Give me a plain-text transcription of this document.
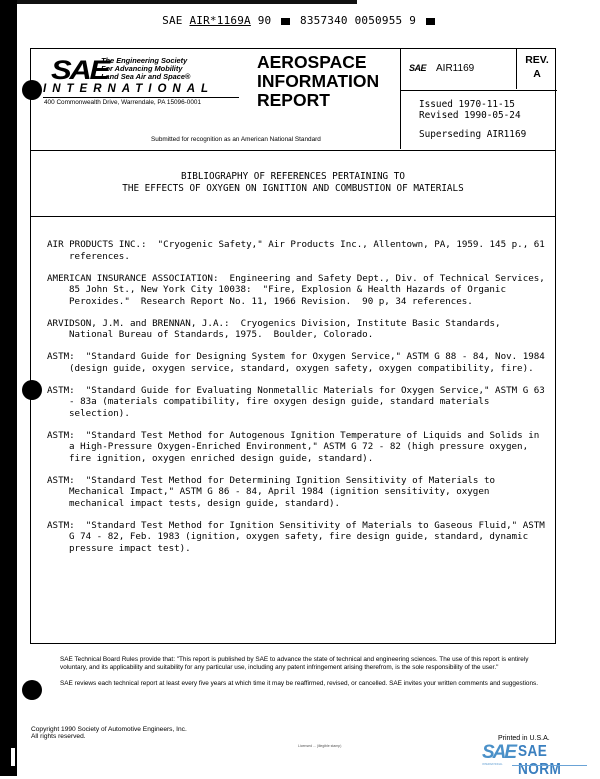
SAE AIR*1169A 90	8357340 0050955 9
SAE
The Engineering Society
For Advancing Mobility
Land Sea Air and Space®
INTERNATIONAL
400 Commonwealth Drive, Warrendale, PA 15096-0001
Submitted for recognition as an American National Standard
AEROSPACE
INFORMATION
REPORT
SAE AIR1169
REV.
A
Issued 1970-11-15
Revised 1990-05-24
Superseding AIR1169
BIBLIOGRAPHY OF REFERENCES PERTAINING TO
THE EFFECTS OF OXYGEN ON IGNITION AND COMBUSTION OF MATERIALS
AIR PRODUCTS INC.:  "Cryogenic Safety," Air Products Inc., Allentown, PA, 1959. 145 p., 61 references.
AMERICAN INSURANCE ASSOCIATION:  Engineering and Safety Dept., Div. of Technical Services, 85 John St., New York City 10038:  "Fire, Explosion & Health Hazards of Organic Peroxides."  Research Report No. 11, 1966 Revision.  90 p, 34 references.
ARVIDSON, J.M. and BRENNAN, J.A.:  Cryogenics Division, Institute Basic Standards, National Bureau of Standards, 1975.  Boulder, Colorado.
ASTM:  "Standard Guide for Designing System for Oxygen Service," ASTM G 88 - 84, Nov. 1984 (design guide, oxygen service, standard, oxygen safety, oxygen compatibility, fire).
ASTM:  "Standard Guide for Evaluating Nonmetallic Materials for Oxygen Service," ASTM G 63 - 83a (materials compatibility, fire oxygen design guide, standard materials selection).
ASTM:  "Standard Test Method for Autogenous Ignition Temperature of Liquids and Solids in a High-Pressure Oxygen-Enriched Environment," ASTM G 72 - 82 (high pressure oxygen, fire ignition, oxygen enriched design guide, standard).
ASTM:  "Standard Test Method for Determining Ignition Sensitivity of Materials to Mechanical Impact," ASTM G 86 - 84, April 1984 (ignition sensitivity, oxygen mechanical impact tests, design guide, standard).
ASTM:  "Standard Test Method for Ignition Sensitivity of Materials to Gaseous Fluid," ASTM G 74 - 82, Feb. 1983 (ignition, oxygen safety, fire design guide, standard, dynamic pressure impact test).

SAE Technical Board Rules provide that: "This report is published by SAE to advance the state of technical and engineering sciences. The use of this report is entirely voluntary, and its applicability and suitability for any particular use, including any patent infringement arising therefrom, is the sole responsibility of the user."

SAE reviews each technical report at least every five years at which time it may be reaffirmed, revised, or cancelled. SAE invites your written comments and suggestions.

Copyright 1990 Society of Automotive Engineers, Inc.
All rights reserved.
Licensed ... (illegible stamp)
Printed in U.S.A.
SAE SAE NORM
INTERNATIONAL
